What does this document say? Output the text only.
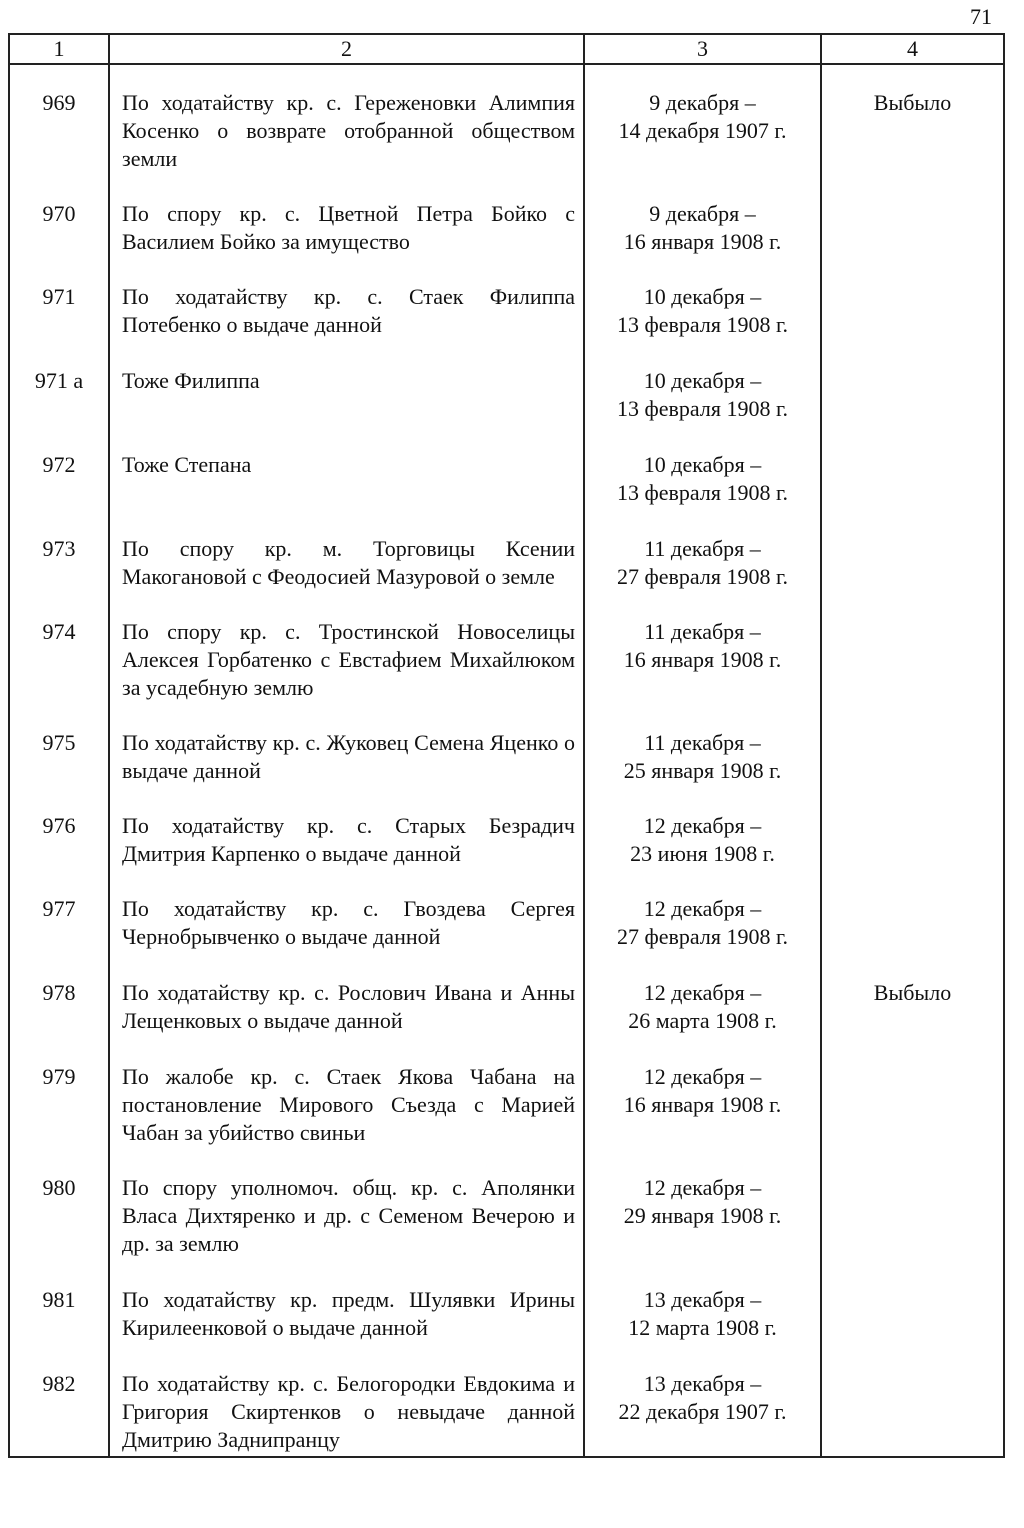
71
1	2	3	4
969	По ходатайству кр. с. Гереженовки Алимпия Косенко о возврате отобранной обществом земли	9 декабря –
14 декабря 1907 г.	Выбыло
970	По спору кр. с. Цветной Петра Бойко с Василием Бойко за имущество	9 декабря –
16 января 1908 г.	

971	По ходатайству кр. с. Стаек Филиппа Потебенко о выдаче данной	10 декабря –
13 февраля 1908 г.	

971 а	Тоже Филиппа	10 декабря –
13 февраля 1908 г.	

972	Тоже Степана	10 декабря –
13 февраля 1908 г.	

973	По спору кр. м. Торговицы Ксении Макогановой с Феодосией Мазуровой о земле	11 декабря –
27 февраля 1908 г.	

974	По спору кр. с. Тростинской Новоселицы Алексея Горбатенко с Евстафием Михайлюком за усадебную землю	11 декабря –
16 января 1908 г.	

975	По ходатайству кр. с. Жуковец Семена Яценко о выдаче данной	11 декабря –
25 января 1908 г.	

976	По ходатайству кр. с. Старых Безрадич Дмитрия Карпенко о выдаче данной	12 декабря –
23 июня 1908 г.	

977	По ходатайству кр. с. Гвоздева Сергея Чернобрывченко о выдаче данной	12 декабря –
27 февраля 1908 г.	

978	По ходатайству кр. с. Рослович Ивана и Анны Лещенковых о выдаче данной	12 декабря –
26 марта 1908 г.	Выбыло
979	По жалобе кр. с. Стаек Якова Чабана на постановление Мирового Съезда с Марией Чабан за убийство свиньи	12 декабря –
16 января 1908 г.	

980	По спору уполномоч. общ. кр. с. Аполянки Власа Дихтяренко и др. с Семеном Вечерою и др. за землю	12 декабря –
29 января 1908 г.	

981	По ходатайству кр. предм. Шулявки Ирины Кирилеенковой о выдаче данной	13 декабря –
12 марта 1908 г.	

982	По ходатайству кр. с. Белогородки Евдокима и Григория Скиртенков о невыдаче данной Дмитрию Заднипранцу	13 декабря –
22 декабря 1907 г.	
